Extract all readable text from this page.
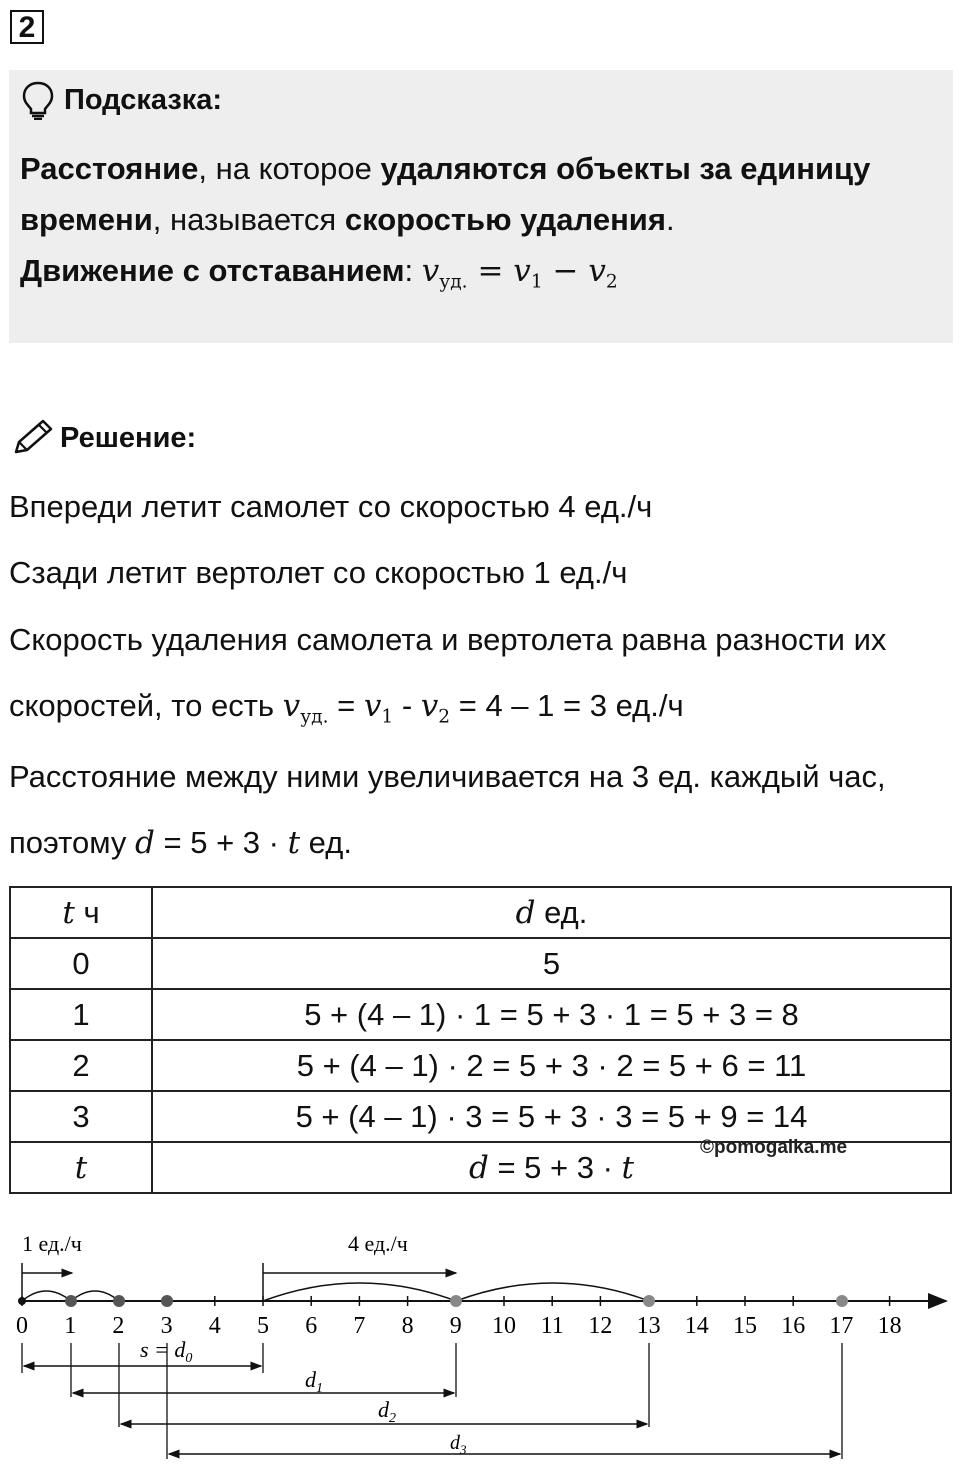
2
Подсказка:
Расстояние, на которое удаляются объекты за единицу времени, называется скоростью удаления.
Движение с отставанием: $v_{уд.} = v_1 - v_2$
Решение:
Впереди летит самолет со скоростью 4 ед./ч
Сзади летит вертолет со скоростью 1 ед./ч
Скорость удаления самолета и вертолета равна разности их
скоростей, то есть $v_{уд.} = v_1 - v_2 = 4 - 1 = 3$ ед./ч
Расстояние между ними увеличивается на 3 ед. каждый час,
поэтому d = 5 + 3 · t ед.
t ч	d ед.
0	5
1	5 + (4 – 1) · 1 = 5 + 3 · 1 = 5 + 3 = 8
2	5 + (4 – 1) · 2 = 5 + 3 · 2 = 5 + 6 = 11
3	5 + (4 – 1) · 3 = 5 + 3 · 3 = 5 + 9 = 14
t	d = 5 + 3 · t
©pomogalka.me
0 1 2 3 4 5 6 7 8 9 10 11 12 13 14 15 16 17 18
1 ед./ч	4 ед./ч
$s = d_0$
$d_1$
$d_2$
$d_3$
